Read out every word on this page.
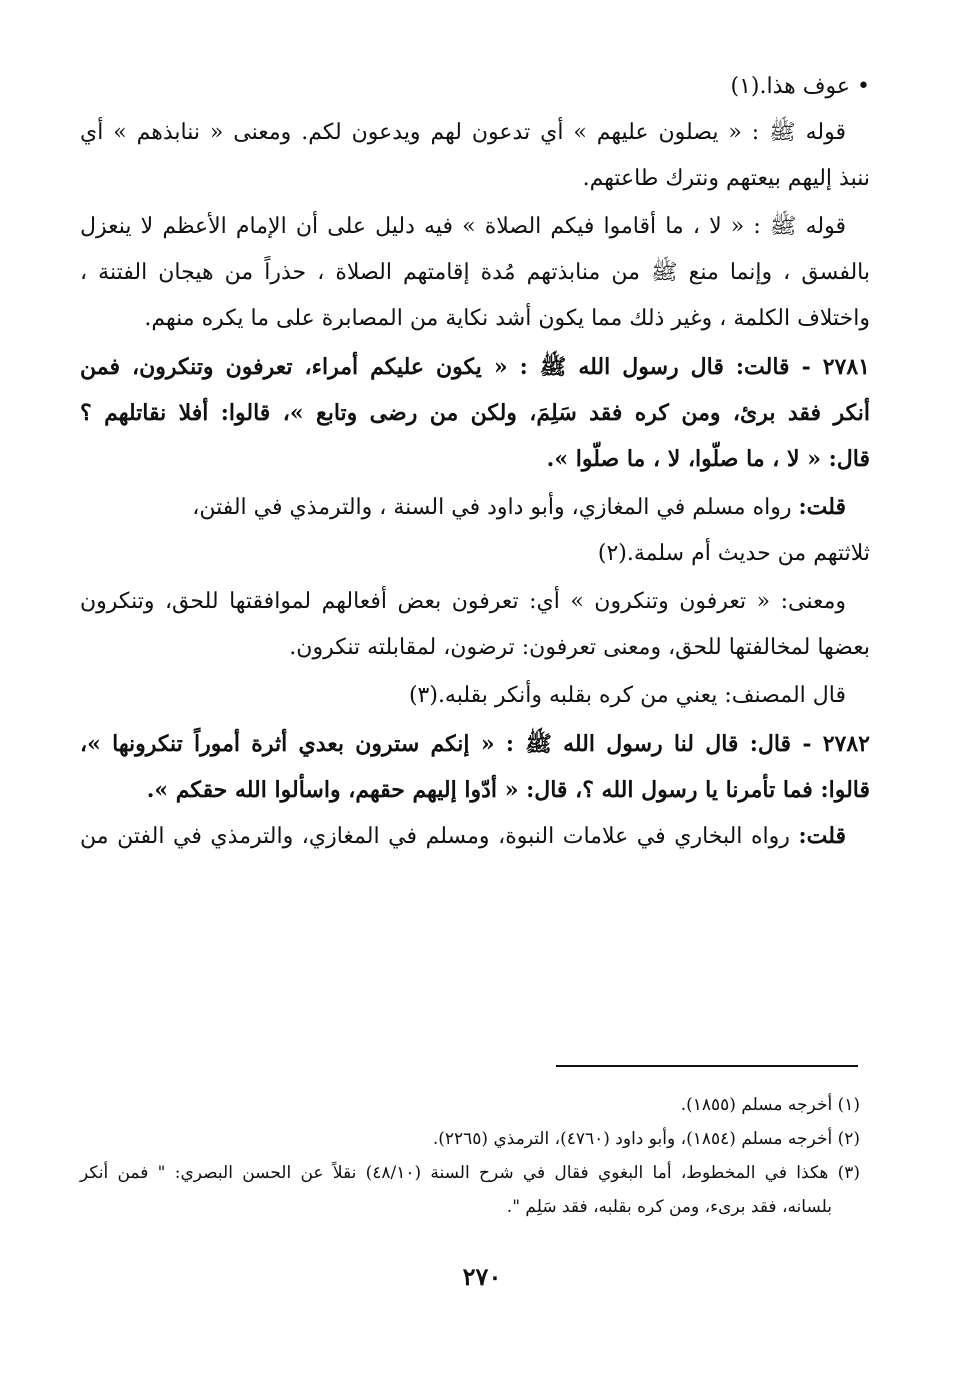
• عوف هذا.(١)

قوله ﷺ : « يصلون عليهم » أي تدعون لهم ويدعون لكم. ومعنى « ننابذهم » أي

ننبذ إليهم بيعتهم ونترك طاعتهم.

قوله ﷺ : « لا ، ما أقاموا فيكم الصلاة » فيه دليل على أن الإمام الأعظم لا ينعزل

بالفسق ، وإنما منع ﷺ من منابذتهم مُدة إقامتهم الصلاة ، حذراً من هيجان الفتنة ،

واختلاف الكلمة ، وغير ذلك مما يكون أشد نكاية من المصابرة على ما يكره منهم.

٢٧٨١ - قالت: قال رسول الله ﷺ : « يكون عليكم أمراء، تعرفون وتنكرون، فمن

أنكر فقد برئ، ومن كره فقد سَلِمَ، ولكن من رضى وتابع »، قالوا: أفلا نقاتلهم ؟

قال: « لا ، ما صلّوا، لا ، ما صلّوا ».

قلت: رواه مسلم في المغازي، وأبو داود في السنة ، والترمذي في الفتن،

ثلاثتهم من حديث أم سلمة.(٢)

ومعنى: « تعرفون وتنكرون » أي: تعرفون بعض أفعالهم لموافقتها للحق، وتنكرون

بعضها لمخالفتها للحق، ومعنى تعرفون: ترضون، لمقابلته تنكرون.

قال المصنف: يعني من كره بقلبه وأنكر بقلبه.(٣)

٢٧٨٢ - قال: قال لنا رسول الله ﷺ : « إنكم سترون بعدي أثرة أموراً تنكرونها »،

قالوا: فما تأمرنا يا رسول الله ؟، قال: « أدّوا إليهم حقهم، واسألوا الله حقكم ».

قلت: رواه البخاري في علامات النبوة، ومسلم في المغازي، والترمذي في الفتن من

(١) أخرجه مسلم (١٨٥٥).

(٢) أخرجه مسلم (١٨٥٤)، وأبو داود (٤٧٦٠)، الترمذي (٢٢٦٥).

(٣) هكذا في المخطوط، أما البغوي فقال في شرح السنة (٤٨/١٠) نقلاً عن الحسن البصري: " فمن أنكر

بلسانه، فقد برىء، ومن كره بقلبه، فقد سَلِم ".

٢٧٠
